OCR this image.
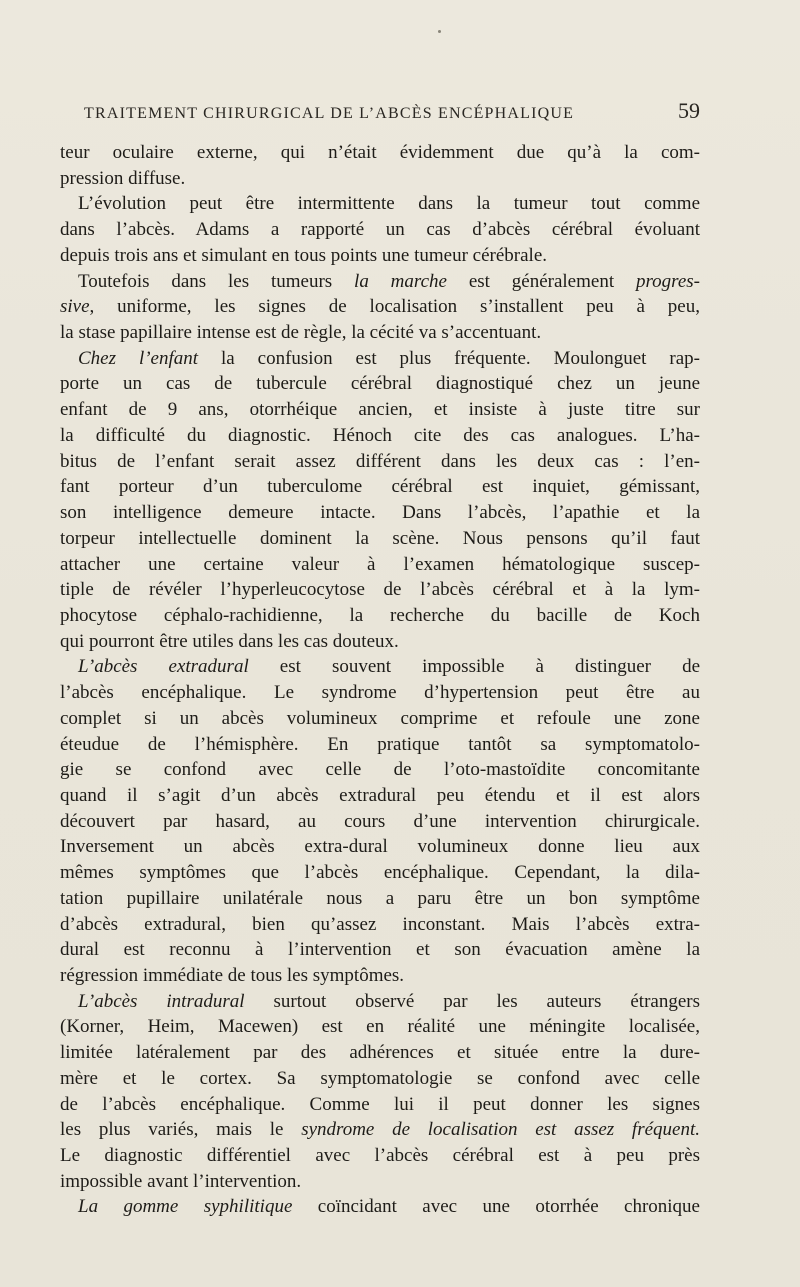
TRAITEMENT CHIRURGICAL DE L’ABCÈS ENCÉPHALIQUE	59
teur oculaire externe, qui n’était évidemment due qu’à la com-
pression diffuse.
L’évolution peut être intermittente dans la tumeur tout comme
dans l’abcès. Adams a rapporté un cas d’abcès cérébral évoluant
depuis trois ans et simulant en tous points une tumeur cérébrale.
Toutefois dans les tumeurs la marche est généralement progres-
sive, uniforme, les signes de localisation s’installent peu à peu,
la stase papillaire intense est de règle, la cécité va s’accentuant.
Chez l’enfant la confusion est plus fréquente. Moulonguet rap-
porte un cas de tubercule cérébral diagnostiqué chez un jeune
enfant de 9 ans, otorrhéique ancien, et insiste à juste titre sur
la difficulté du diagnostic. Hénoch cite des cas analogues. L’ha-
bitus de l’enfant serait assez différent dans les deux cas : l’en-
fant porteur d’un tuberculome cérébral est inquiet, gémissant,
son intelligence demeure intacte. Dans l’abcès, l’apathie et la
torpeur intellectuelle dominent la scène. Nous pensons qu’il faut
attacher une certaine valeur à l’examen hématologique suscep-
tiple de révéler l’hyperleucocytose de l’abcès cérébral et à la lym-
phocytose céphalo-rachidienne, la recherche du bacille de Koch
qui pourront être utiles dans les cas douteux.
L’abcès extradural est souvent impossible à distinguer de
l’abcès encéphalique. Le syndrome d’hypertension peut être au
complet si un abcès volumineux comprime et refoule une zone
éteudue de l’hémisphère. En pratique tantôt sa symptomatolo-
gie se confond avec celle de l’oto-mastoïdite concomitante
quand il s’agit d’un abcès extradural peu étendu et il est alors
découvert par hasard, au cours d’une intervention chirurgicale.
Inversement un abcès extra-dural volumineux donne lieu aux
mêmes symptômes que l’abcès encéphalique. Cependant, la dila-
tation pupillaire unilatérale nous a paru être un bon symptôme
d’abcès extradural, bien qu’assez inconstant. Mais l’abcès extra-
dural est reconnu à l’intervention et son évacuation amène la
régression immédiate de tous les symptômes.
L’abcès intradural surtout observé par les auteurs étrangers
(Korner, Heim, Macewen) est en réalité une méningite localisée,
limitée latéralement par des adhérences et située entre la dure-
mère et le cortex. Sa symptomatologie se confond avec celle
de l’abcès encéphalique. Comme lui il peut donner les signes
les plus variés, mais le syndrome de localisation est assez fréquent.
Le diagnostic différentiel avec l’abcès cérébral est à peu près
impossible avant l’intervention.
La gomme syphilitique coïncidant avec une otorrhée chronique
